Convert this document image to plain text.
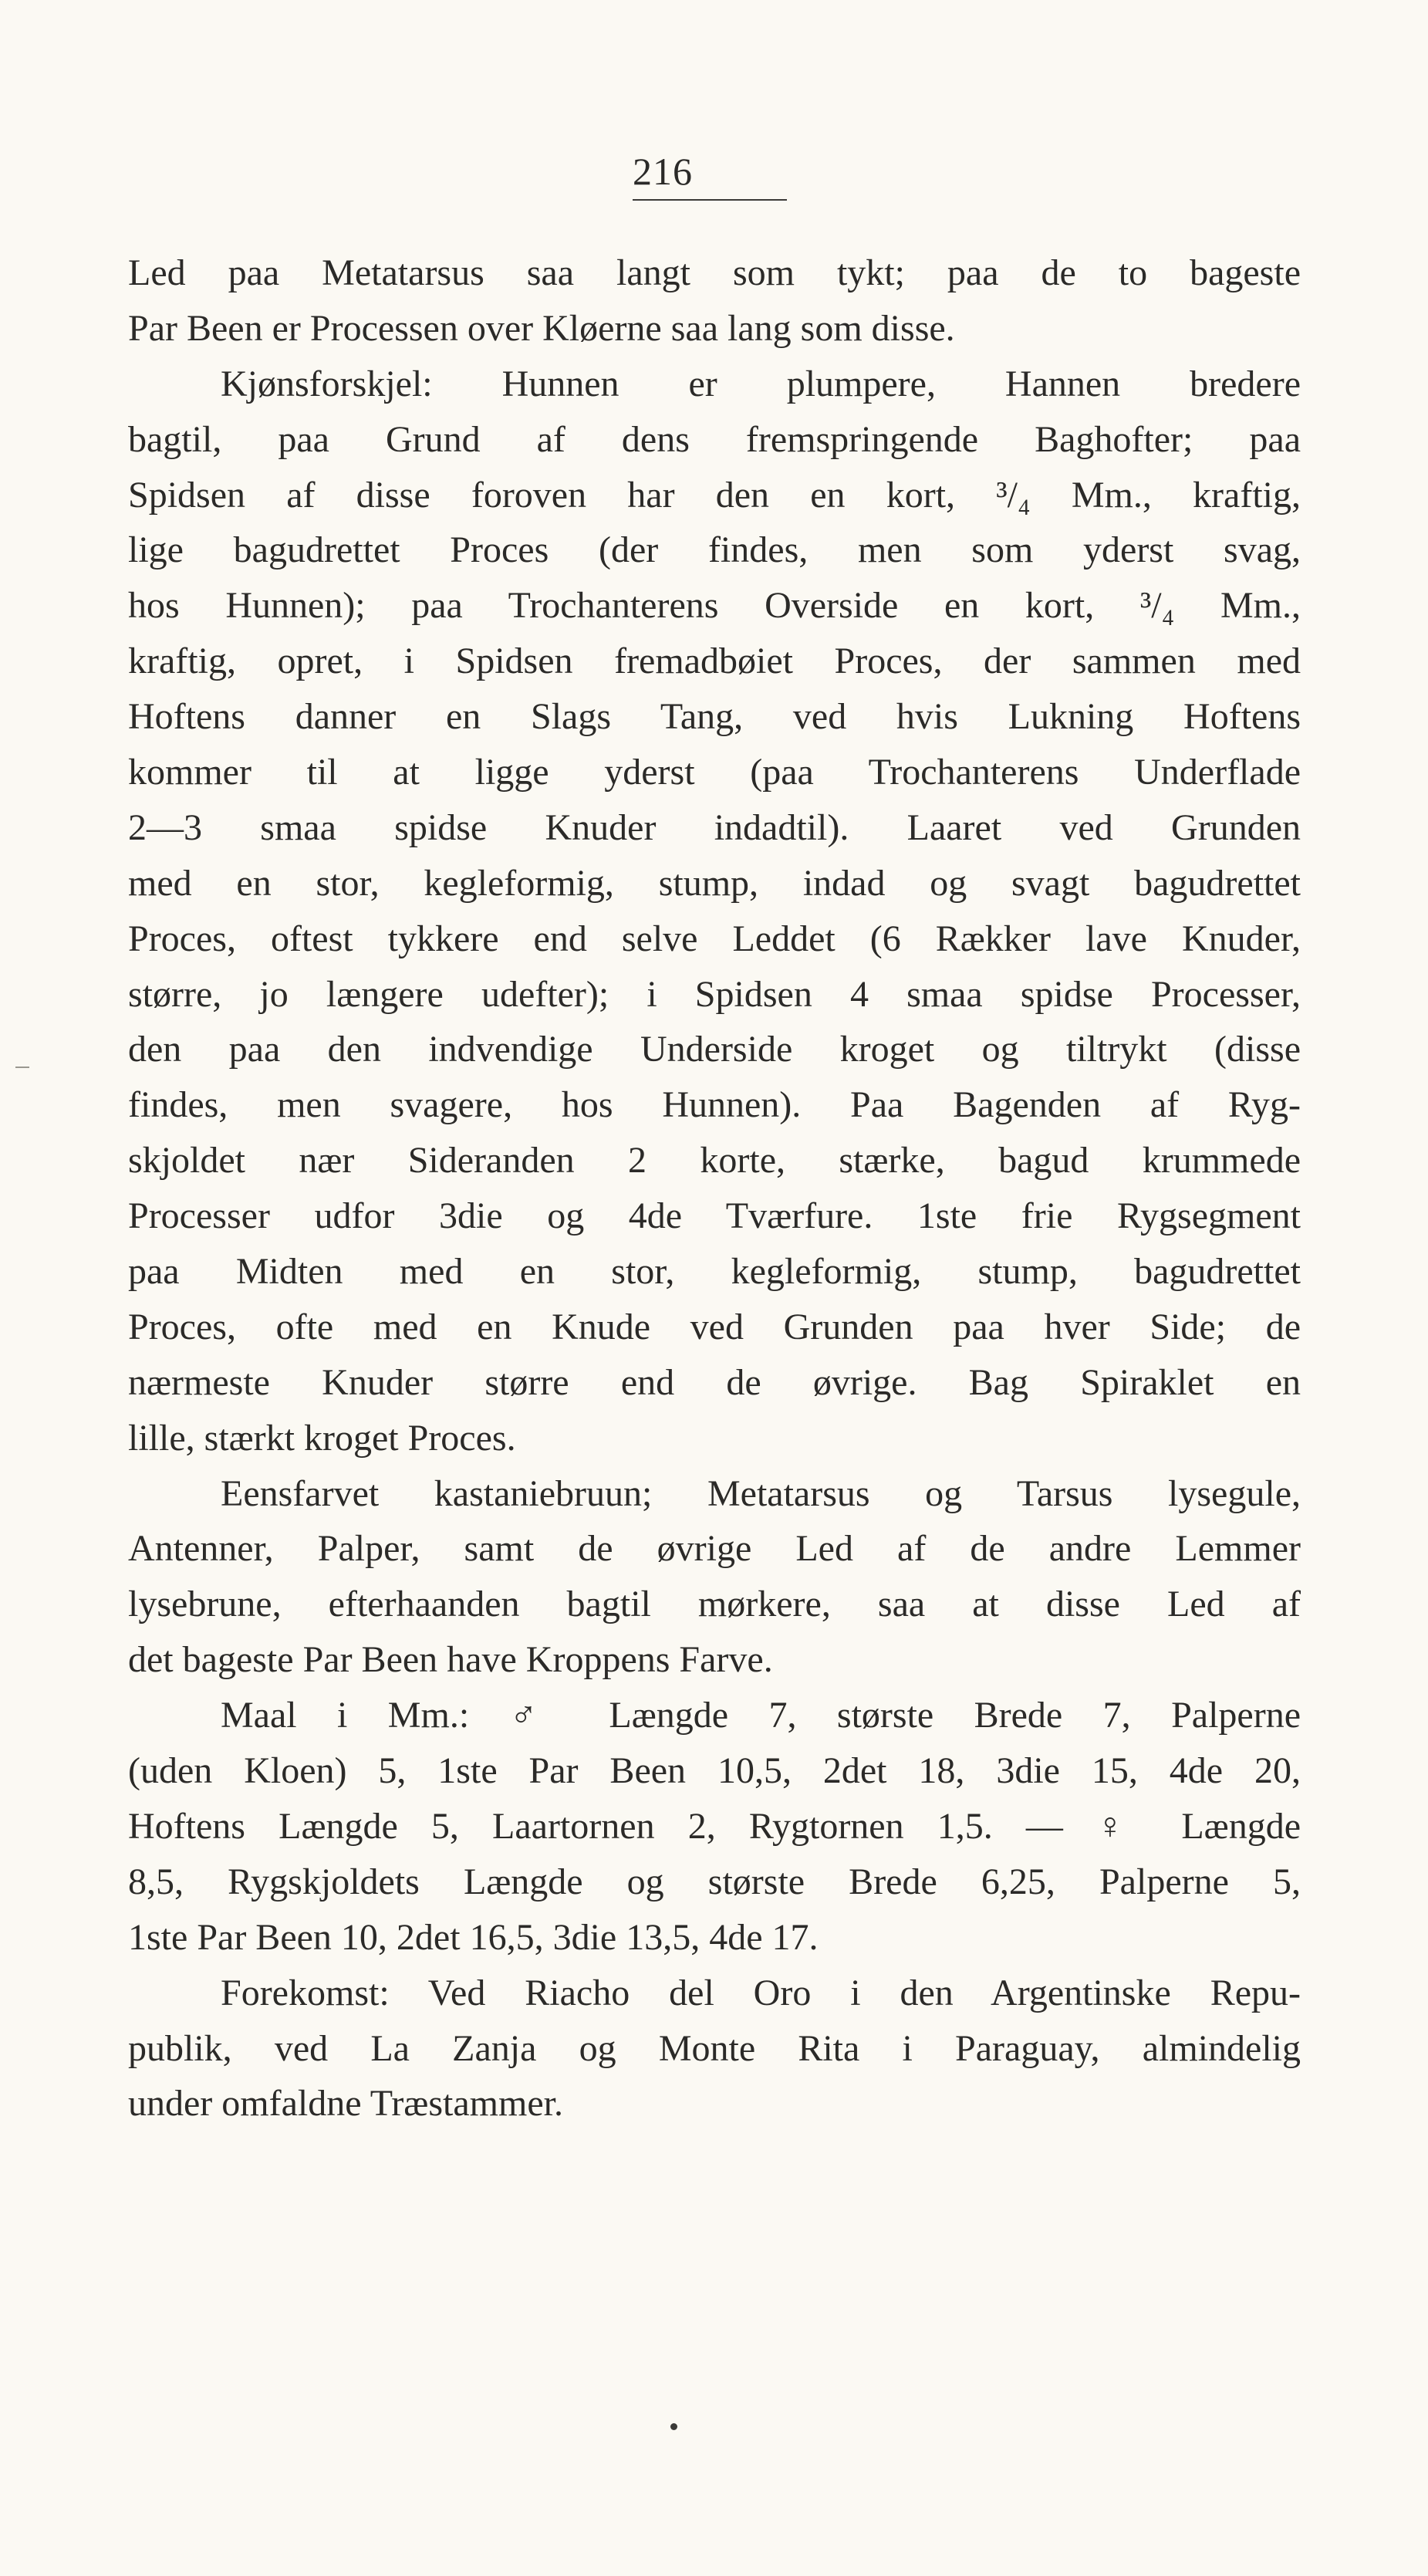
216
Led paa Metatarsus saa langt som tykt; paa de to bageste
Par Been er Processen over Kløerne saa lang som disse.
Kjønsforskjel: Hunnen er plumpere, Hannen bredere
bagtil, paa Grund af dens fremspringende Baghofter; paa
Spidsen af disse foroven har den en kort, ³/₄ Mm., kraftig,
lige bagudrettet Proces (der findes, men som yderst svag,
hos Hunnen); paa Trochanterens Overside en kort, ³/₄ Mm.,
kraftig, opret, i Spidsen fremadbøiet Proces, der sammen med
Hoftens danner en Slags Tang, ved hvis Lukning Hoftens
kommer til at ligge yderst (paa Trochanterens Underflade
2—3 smaa spidse Knuder indadtil). Laaret ved Grunden
med en stor, kegleformig, stump, indad og svagt bagudrettet
Proces, oftest tykkere end selve Leddet (6 Rækker lave Knuder,
større, jo længere udefter); i Spidsen 4 smaa spidse Processer,
den paa den indvendige Underside kroget og tiltrykt (disse
findes, men svagere, hos Hunnen). Paa Bagenden af Ryg-
skjoldet nær Sideranden 2 korte, stærke, bagud krummede
Processer udfor 3die og 4de Tværfure. 1ste frie Rygsegment
paa Midten med en stor, kegleformig, stump, bagudrettet
Proces, ofte med en Knude ved Grunden paa hver Side; de
nærmeste Knuder større end de øvrige. Bag Spiraklet en
lille, stærkt kroget Proces.
Eensfarvet kastaniebruun; Metatarsus og Tarsus lysegule,
Antenner, Palper, samt de øvrige Led af de andre Lemmer
lysebrune, efterhaanden bagtil mørkere, saa at disse Led af
det bageste Par Been have Kroppens Farve.
Maal i Mm.: ♂ Længde 7, største Brede 7, Palperne
(uden Kloen) 5, 1ste Par Been 10,5, 2det 18, 3die 15, 4de 20,
Hoftens Længde 5, Laartornen 2, Rygtornen 1,5. — ♀ Længde
8,5, Rygskjoldets Længde og største Brede 6,25, Palperne 5,
1ste Par Been 10, 2det 16,5, 3die 13,5, 4de 17.
Forekomst: Ved Riacho del Oro i den Argentinske Repu-
publik, ved La Zanja og Monte Rita i Paraguay, almindelig
under omfaldne Træstammer.
